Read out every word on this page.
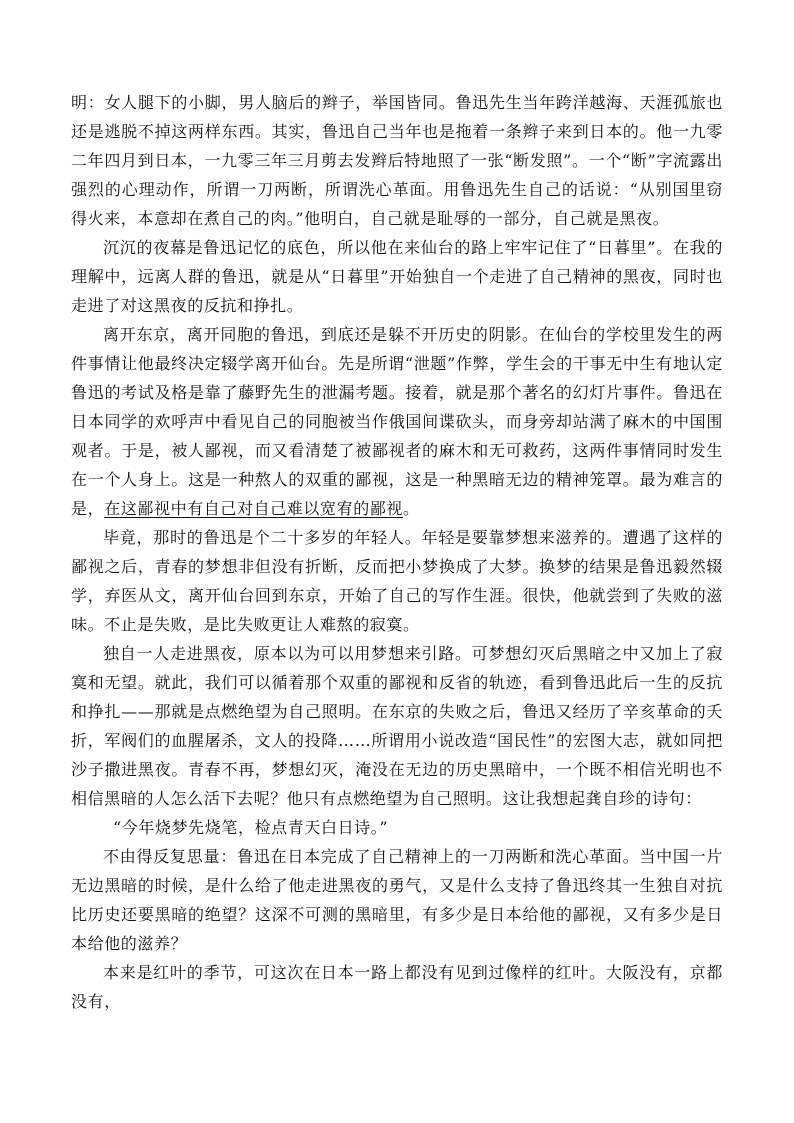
明：女人腿下的小脚，男人脑后的辫子，举国皆同。鲁迅先生当年跨洋越海、天涯孤旅也还是逃脱不掉这两样东西。其实，鲁迅自己当年也是拖着一条辫子来到日本的。他一九零二年四月到日本，一九零三年三月剪去发辫后特地照了一张“断发照”。一个“断”字流露出强烈的心理动作，所谓一刀两断，所谓洗心革面。用鲁迅先生自己的话说：“从别国里窃得火来，本意却在煮自己的肉。”他明白，自己就是耻辱的一部分，自己就是黑夜。

沉沉的夜幕是鲁迅记忆的底色，所以他在来仙台的路上牢牢记住了“日暮里”。在我的理解中，远离人群的鲁迅，就是从“日暮里”开始独自一个走进了自己精神的黑夜，同时也走进了对这黑夜的反抗和挣扎。

离开东京，离开同胞的鲁迅，到底还是躲不开历史的阴影。在仙台的学校里发生的两件事情让他最终决定辍学离开仙台。先是所谓“泄题”作弊，学生会的干事无中生有地认定鲁迅的考试及格是靠了藤野先生的泄漏考题。接着，就是那个著名的幻灯片事件。鲁迅在日本同学的欢呼声中看见自己的同胞被当作俄国间谍砍头，而身旁却站满了麻木的中国围观者。于是，被人鄙视，而又看清楚了被鄙视者的麻木和无可救药，这两件事情同时发生在一个人身上。这是一种熬人的双重的鄙视，这是一种黑暗无边的精神笼罩。最为难言的是，在这鄙视中有自己对自己难以宽宥的鄙视。

毕竟，那时的鲁迅是个二十多岁的年轻人。年轻是要靠梦想来滋养的。遭遇了这样的鄙视之后，青春的梦想非但没有折断，反而把小梦换成了大梦。换梦的结果是鲁迅毅然辍学，弃医从文，离开仙台回到东京，开始了自己的写作生涯。很快，他就尝到了失败的滋味。不止是失败，是比失败更让人难熬的寂寞。

独自一人走进黑夜，原本以为可以用梦想来引路。可梦想幻灭后黑暗之中又加上了寂寞和无望。就此，我们可以循着那个双重的鄙视和反省的轨迹，看到鲁迅此后一生的反抗和挣扎——那就是点燃绝望为自己照明。在东京的失败之后，鲁迅又经历了辛亥革命的夭折，军阀们的血腥屠杀，文人的投降……所谓用小说改造“国民性”的宏图大志，就如同把沙子撒进黑夜。青春不再，梦想幻灭，淹没在无边的历史黑暗中，一个既不相信光明也不相信黑暗的人怎么活下去呢？他只有点燃绝望为自己照明。这让我想起龚自珍的诗句：

“今年烧梦先烧笔，检点青天白日诗。”

不由得反复思量：鲁迅在日本完成了自己精神上的一刀两断和洗心革面。当中国一片无边黑暗的时候，是什么给了他走进黑夜的勇气，又是什么支持了鲁迅终其一生独自对抗比历史还要黑暗的绝望？这深不可测的黑暗里，有多少是日本给他的鄙视，又有多少是日本给他的滋养？

本来是红叶的季节，可这次在日本一路上都没有见到过像样的红叶。大阪没有，京都没有，
